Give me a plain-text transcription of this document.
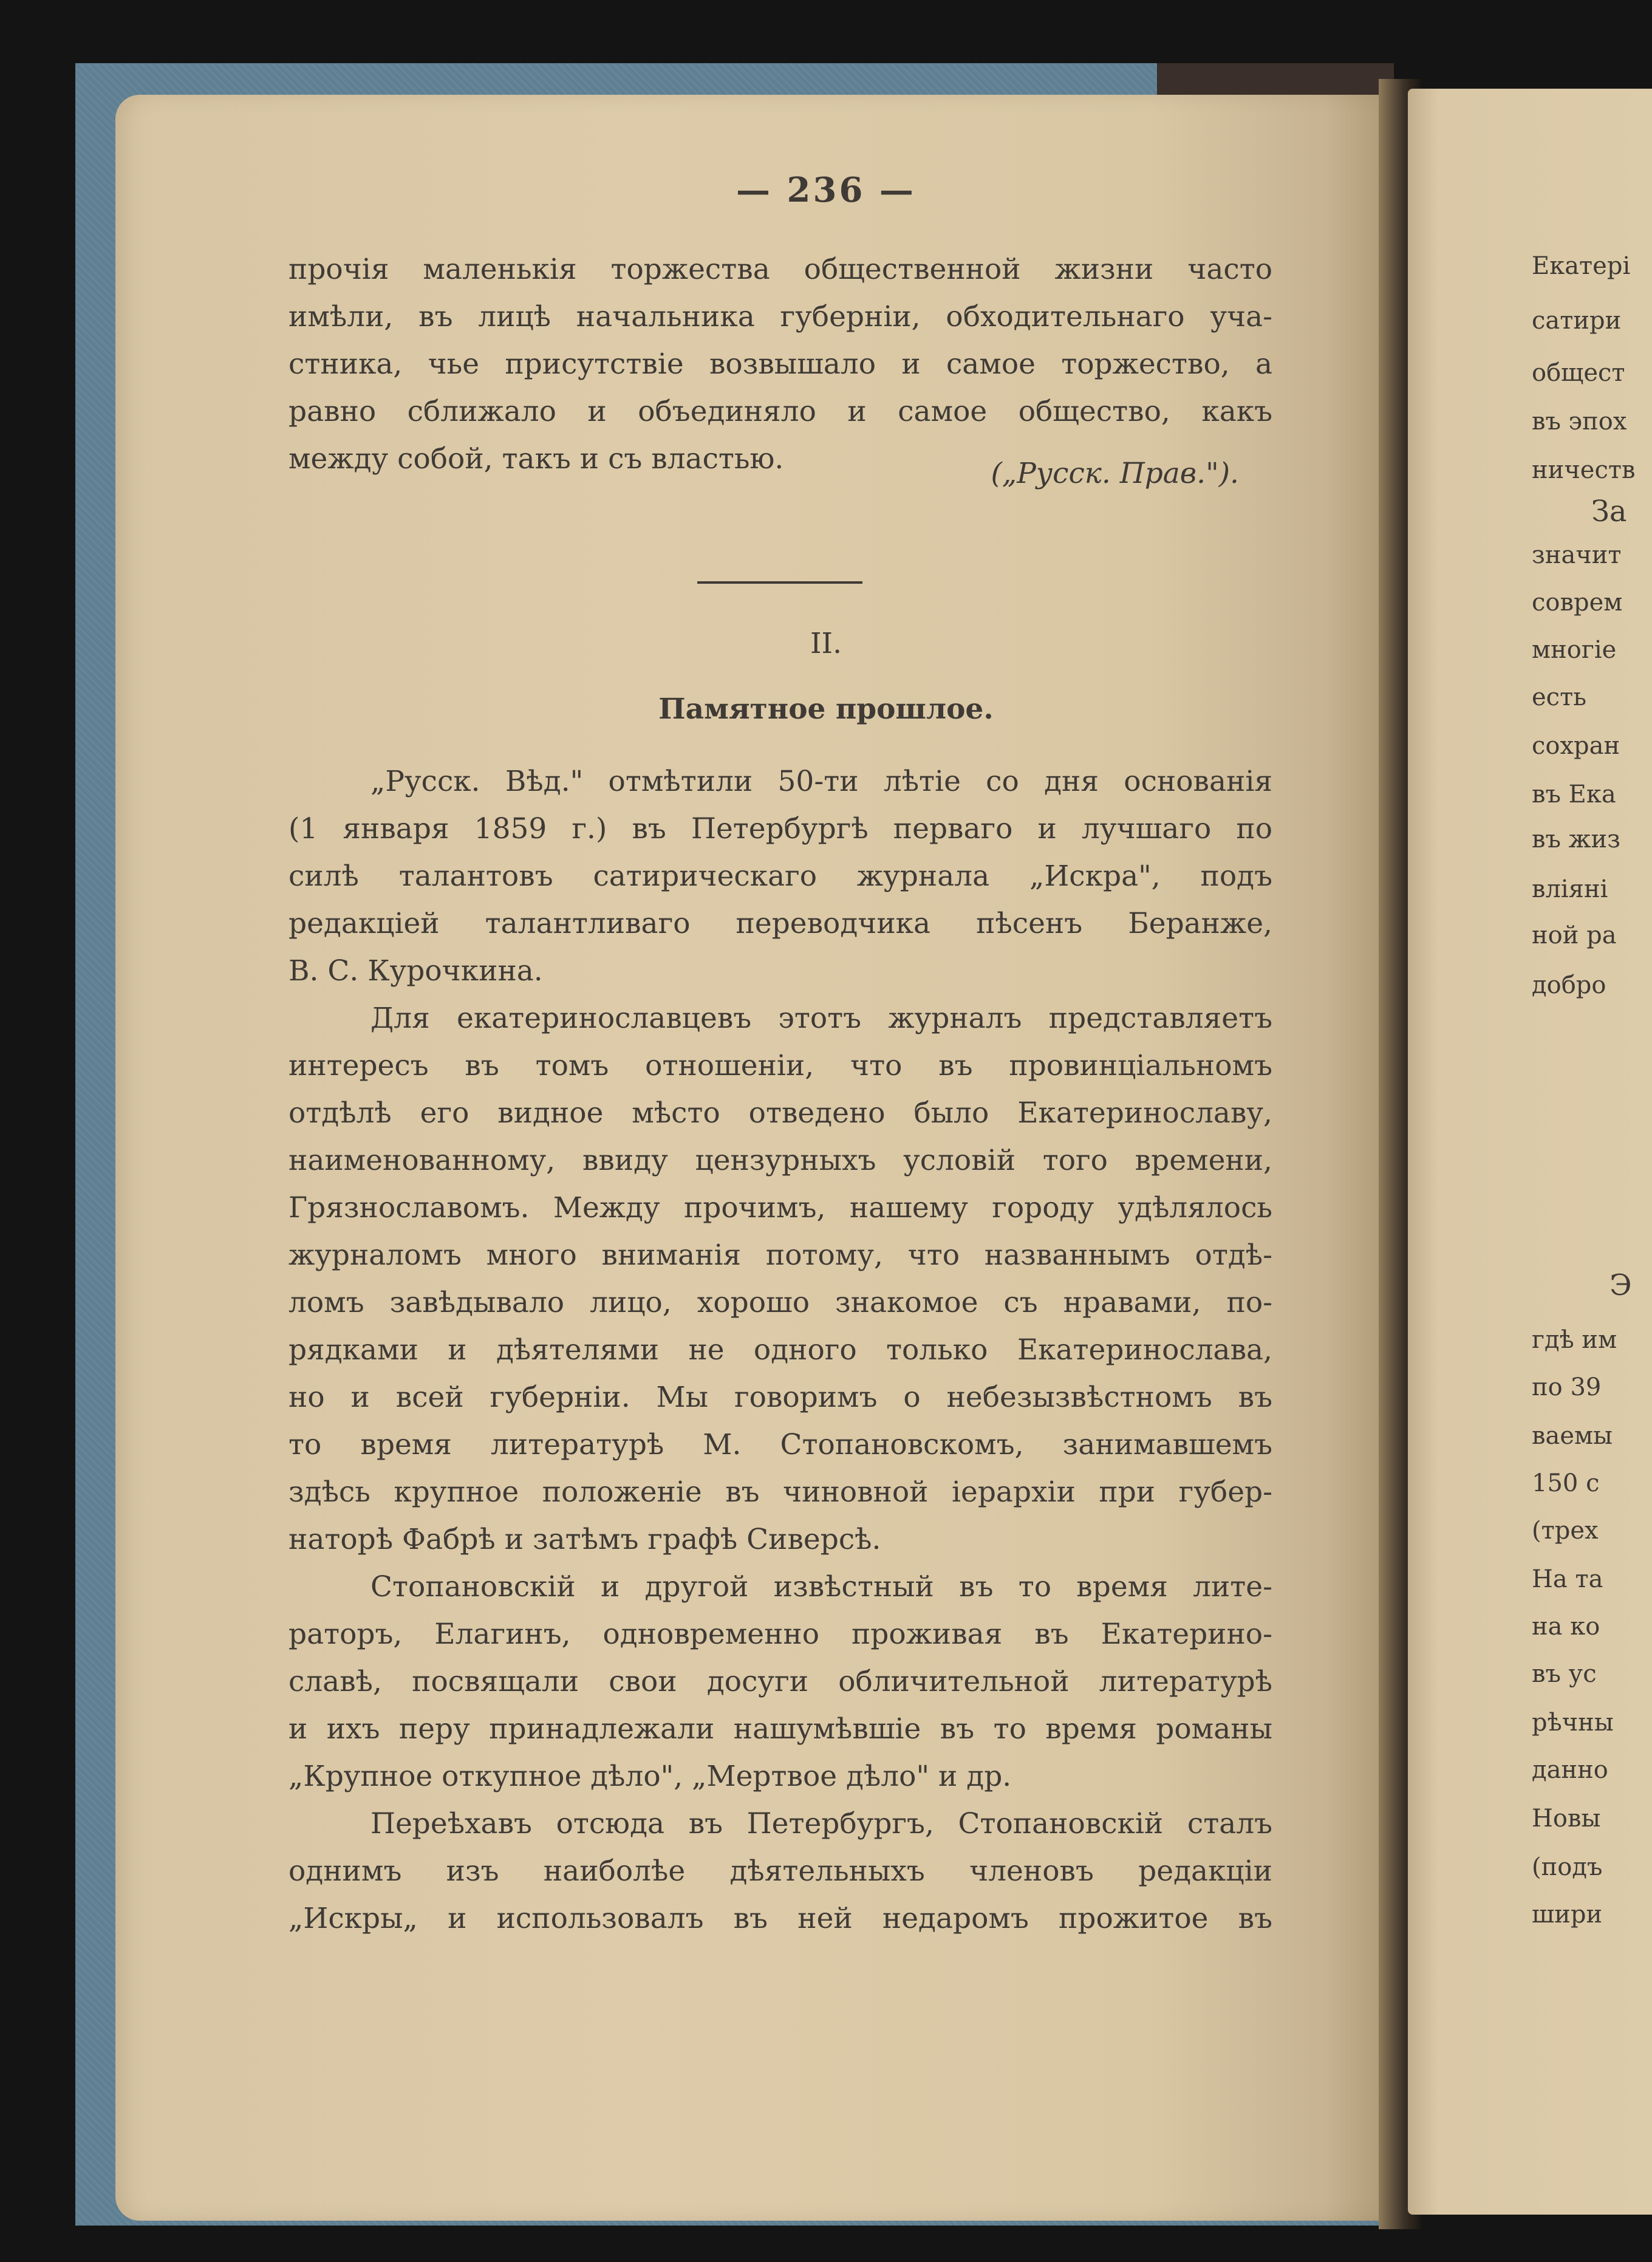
— 236 —
прочія маленькія торжества общественной жизни часто
имѣли, въ лицѣ начальника губерніи, обходительнаго уча-
стника, чье присутствіе возвышало и самое торжество, а
равно сближало и объединяло и самое общество, какъ
между собой, такъ и съ властью.	(„Русск. Прав.").
II.
Памятное прошлое.
„Русск. Вѣд." отмѣтили 50-ти лѣтіе со дня основанія
(1 января 1859 г.) въ Петербургѣ перваго и лучшаго по
силѣ талантовъ сатирическаго журнала „Искра", подъ
редакціей талантливаго переводчика пѣсенъ Беранже,
В. С. Курочкина.
Для екатеринославцевъ этотъ журналъ представляетъ
интересъ въ томъ отношеніи, что въ провинціальномъ
отдѣлѣ его видное мѣсто отведено было Екатеринославу,
наименованному, ввиду цензурныхъ условій того времени,
Грязнославомъ. Между прочимъ, нашему городу удѣлялось
журналомъ много вниманія потому, что названнымъ отдѣ-
ломъ завѣдывало лицо, хорошо знакомое съ нравами, по-
рядками и дѣятелями не одного только Екатеринослава,
но и всей губерніи. Мы говоримъ о небезызвѣстномъ въ
то время литературѣ М. Стопановскомъ, занимавшемъ
здѣсь крупное положеніе въ чиновной іерархіи при губер-
наторѣ Фабрѣ и затѣмъ графѣ Сиверсѣ.
Стопановскій и другой извѣстный въ то время лите-
раторъ, Елагинъ, одновременно проживая въ Екатерино-
славѣ, посвящали свои досуги обличительной литературѣ
и ихъ перу принадлежали нашумѣвшіе въ то время романы
„Крупное откупное дѣло", „Мертвое дѣло" и др.
Переѣхавъ отсюда въ Петербургъ, Стопановскій сталъ
однимъ изъ наиболѣе дѣятельныхъ членовъ редакціи
„Искры„ и использовалъ въ ней недаромъ прожитое въ
Екатері
сатири
общест
въ эпох
ничеств
За
значит
соврем
многіе
есть
сохран
въ Ека
въ жиз
вліяні
ной ра
добро
Э
гдѣ им
по 39
ваемы
150 с
(трех
На та
на ко
въ ус
рѣчны
данно
Новы
(подъ
шири
